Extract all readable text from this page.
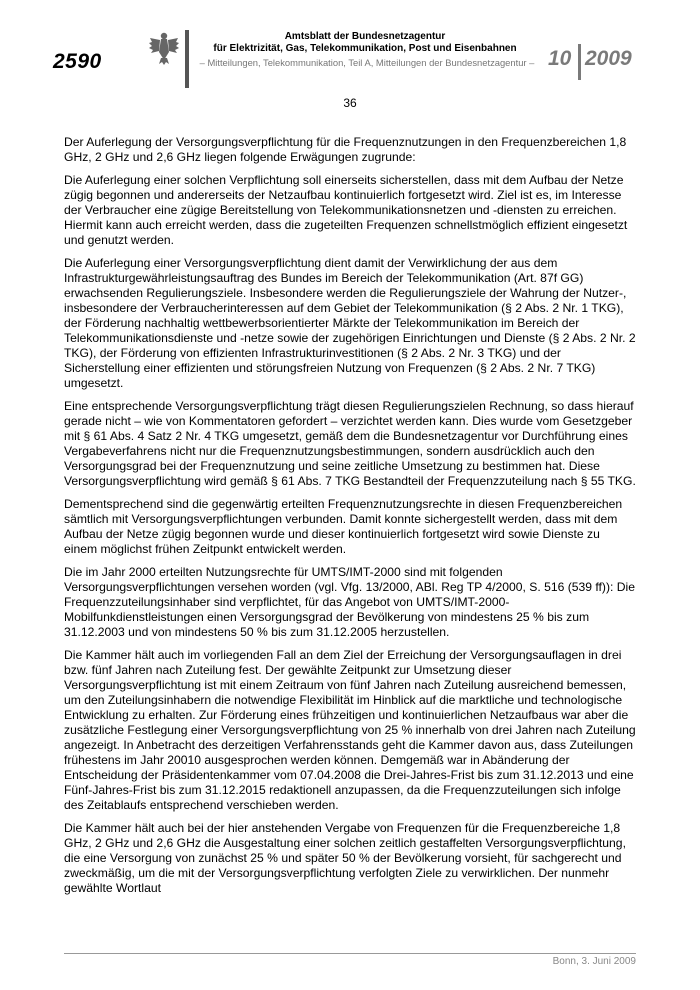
2590
Amtsblatt der Bundesnetzagentur
für Elektrizität, Gas, Telekommunikation, Post und Eisenbahnen
– Mitteilungen, Telekommunikation, Teil A, Mitteilungen der Bundesnetzagentur – 10 2009
36

Der Auferlegung der Versorgungsverpflichtung für die Frequenznutzungen in den Frequenzbereichen 1,8 GHz, 2 GHz und 2,6 GHz liegen folgende Erwägungen zugrunde:

Die Auferlegung einer solchen Verpflichtung soll einerseits sicherstellen, dass mit dem Aufbau der Netze zügig begonnen und andererseits der Netzaufbau kontinuierlich fortgesetzt wird. Ziel ist es, im Interesse der Verbraucher eine zügige Bereitstellung von Telekommunikationsnetzen und -diensten zu erreichen. Hiermit kann auch erreicht werden, dass die zugeteilten Frequenzen schnellstmöglich effizient eingesetzt und genutzt werden.

Die Auferlegung einer Versorgungsverpflichtung dient damit der Verwirklichung der aus dem Infrastrukturgewährleistungsauftrag des Bundes im Bereich der Telekommunikation (Art. 87f GG) erwachsenden Regulierungsziele. Insbesondere werden die Regulierungsziele der Wahrung der Nutzer-, insbesondere der Verbraucherinteressen auf dem Gebiet der Telekommunikation (§ 2 Abs. 2 Nr. 1 TKG), der Förderung nachhaltig wettbewerbsorientierter Märkte der Telekommunikation im Bereich der Telekommunikationsdienste und -netze sowie der zugehörigen Einrichtungen und Dienste (§ 2 Abs. 2 Nr. 2 TKG), der Förderung von effizienten Infrastrukturinvestitionen (§ 2 Abs. 2 Nr. 3 TKG) und der Sicherstellung einer effizienten und störungsfreien Nutzung von Frequenzen (§ 2 Abs. 2 Nr. 7 TKG) umgesetzt.

Eine entsprechende Versorgungsverpflichtung trägt diesen Regulierungszielen Rechnung, so dass hierauf gerade nicht – wie von Kommentatoren gefordert – verzichtet werden kann. Dies wurde vom Gesetzgeber mit § 61 Abs. 4 Satz 2 Nr. 4 TKG umgesetzt, gemäß dem die Bundesnetzagentur vor Durchführung eines Vergabeverfahrens nicht nur die Frequenznutzungsbestimmungen, sondern ausdrücklich auch den Versorgungsgrad bei der Frequenznutzung und seine zeitliche Umsetzung zu bestimmen hat. Diese Versorgungsverpflichtung wird gemäß § 61 Abs. 7 TKG Bestandteil der Frequenzzuteilung nach § 55 TKG.

Dementsprechend sind die gegenwärtig erteilten Frequenznutzungsrechte in diesen Frequenzbereichen sämtlich mit Versorgungsverpflichtungen verbunden. Damit konnte sichergestellt werden, dass mit dem Aufbau der Netze zügig begonnen wurde und dieser kontinuierlich fortgesetzt wird sowie Dienste zu einem möglichst frühen Zeitpunkt entwickelt werden.

Die im Jahr 2000 erteilten Nutzungsrechte für UMTS/IMT-2000 sind mit folgenden Versorgungsverpflichtungen versehen worden (vgl. Vfg. 13/2000, ABl. Reg TP 4/2000, S. 516 (539 ff)): Die Frequenzzuteilungsinhaber sind verpflichtet, für das Angebot von UMTS/IMT-2000-Mobilfunkdienstleistungen einen Versorgungsgrad der Bevölkerung von mindestens 25 % bis zum 31.12.2003 und von mindestens 50 % bis zum 31.12.2005 herzustellen.

Die Kammer hält auch im vorliegenden Fall an dem Ziel der Erreichung der Versorgungsauflagen in drei bzw. fünf Jahren nach Zuteilung fest. Der gewählte Zeitpunkt zur Umsetzung dieser Versorgungsverpflichtung ist mit einem Zeitraum von fünf Jahren nach Zuteilung ausreichend bemessen, um den Zuteilungsinhabern die notwendige Flexibilität im Hinblick auf die marktliche und technologische Entwicklung zu erhalten. Zur Förderung eines frühzeitigen und kontinuierlichen Netzaufbaus war aber die zusätzliche Festlegung einer Versorgungsverpflichtung von 25 % innerhalb von drei Jahren nach Zuteilung angezeigt. In Anbetracht des derzeitigen Verfahrensstands geht die Kammer davon aus, dass Zuteilungen frühestens im Jahr 20010 ausgesprochen werden können. Demgemäß war in Abänderung der Entscheidung der Präsidentenkammer vom 07.04.2008 die Drei-Jahres-Frist bis zum 31.12.2013 und eine Fünf-Jahres-Frist bis zum 31.12.2015 redaktionell anzupassen, da die Frequenzzuteilungen sich infolge des Zeitablaufs entsprechend verschieben werden.

Die Kammer hält auch bei der hier anstehenden Vergabe von Frequenzen für die Frequenzbereiche 1,8 GHz, 2 GHz und 2,6 GHz die Ausgestaltung einer solchen zeitlich gestaffelten Versorgungsverpflichtung, die eine Versorgung von zunächst 25 % und später 50 % der Bevölkerung vorsieht, für sachgerecht und zweckmäßig, um die mit der Versorgungsverpflichtung verfolgten Ziele zu verwirklichen. Der nunmehr gewählte Wortlaut

Bonn, 3. Juni 2009
